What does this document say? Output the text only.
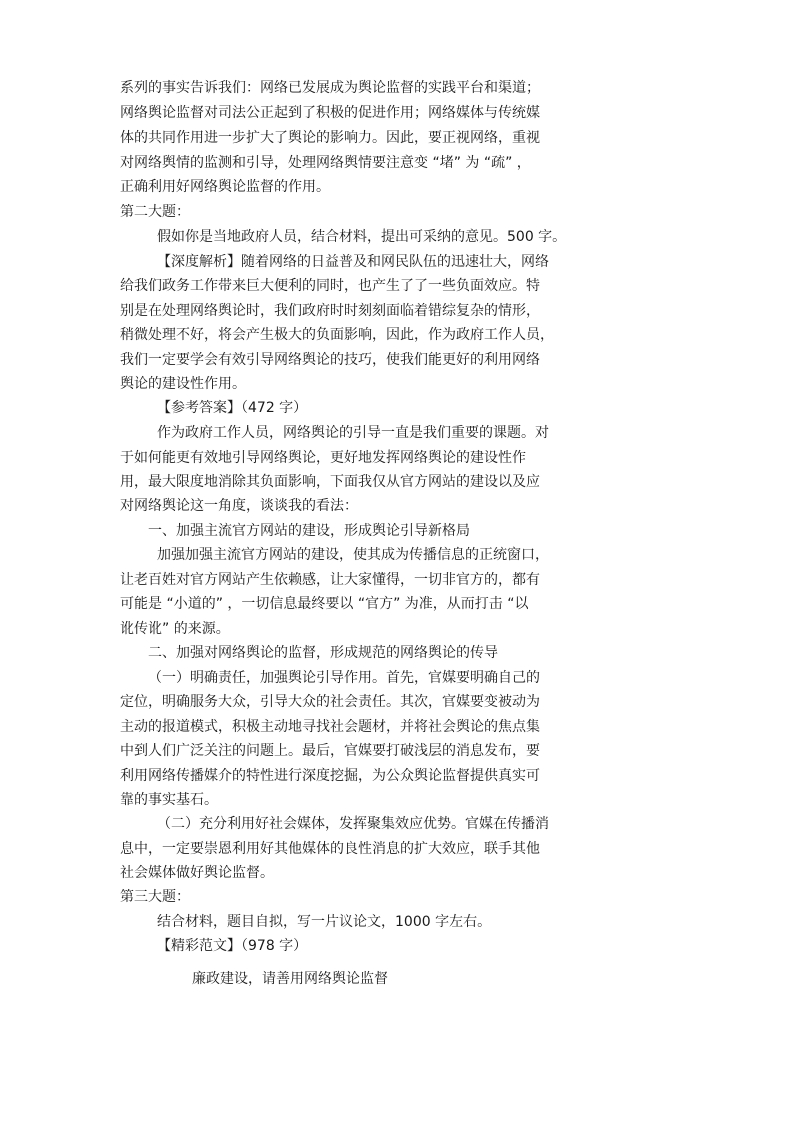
系列的事实告诉我们：网络已发展成为舆论监督的实践平台和渠道；
网络舆论监督对司法公正起到了积极的促进作用；网络媒体与传统媒
体的共同作用进一步扩大了舆论的影响力。因此，要正视网络，重视
对网络舆情的监测和引导，处理网络舆情要注意变 “堵” 为 “疏” ，
正确利用好网络舆论监督的作用。
第二大题：
假如你是当地政府人员，结合材料，提出可采纳的意见。500 字。
【深度解析】随着网络的日益普及和网民队伍的迅速壮大，网络
给我们政务工作带来巨大便利的同时，也产生了了一些负面效应。特
别是在处理网络舆论时，我们政府时时刻刻面临着错综复杂的情形，
稍微处理不好，将会产生极大的负面影响，因此，作为政府工作人员，
我们一定要学会有效引导网络舆论的技巧，使我们能更好的利用网络
舆论的建设性作用。
【参考答案】（472 字）
作为政府工作人员，网络舆论的引导一直是我们重要的课题。对
于如何能更有效地引导网络舆论，更好地发挥网络舆论的建设性作
用，最大限度地消除其负面影响，下面我仅从官方网站的建设以及应
对网络舆论这一角度，谈谈我的看法：
一、加强主流官方网站的建设，形成舆论引导新格局
加强加强主流官方网站的建设，使其成为传播信息的正统窗口，
让老百姓对官方网站产生依赖感，让大家懂得，一切非官方的，都有
可能是 “小道的” ，一切信息最终要以 “官方” 为准，从而打击 “以
讹传讹” 的来源。
二、加强对网络舆论的监督，形成规范的网络舆论的传导
（一）明确责任，加强舆论引导作用。首先，官媒要明确自己的
定位，明确服务大众，引导大众的社会责任。其次，官媒要变被动为
主动的报道模式，积极主动地寻找社会题材，并将社会舆论的焦点集
中到人们广泛关注的问题上。最后，官媒要打破浅层的消息发布，要
利用网络传播媒介的特性进行深度挖掘，为公众舆论监督提供真实可
靠的事实基石。
（二）充分利用好社会媒体，发挥聚集效应优势。官媒在传播消
息中，一定要崇恩利用好其他媒体的良性消息的扩大效应，联手其他
社会媒体做好舆论监督。
第三大题：
结合材料，题目自拟，写一片议论文，1000 字左右。
【精彩范文】（978 字）
廉政建设，请善用网络舆论监督
